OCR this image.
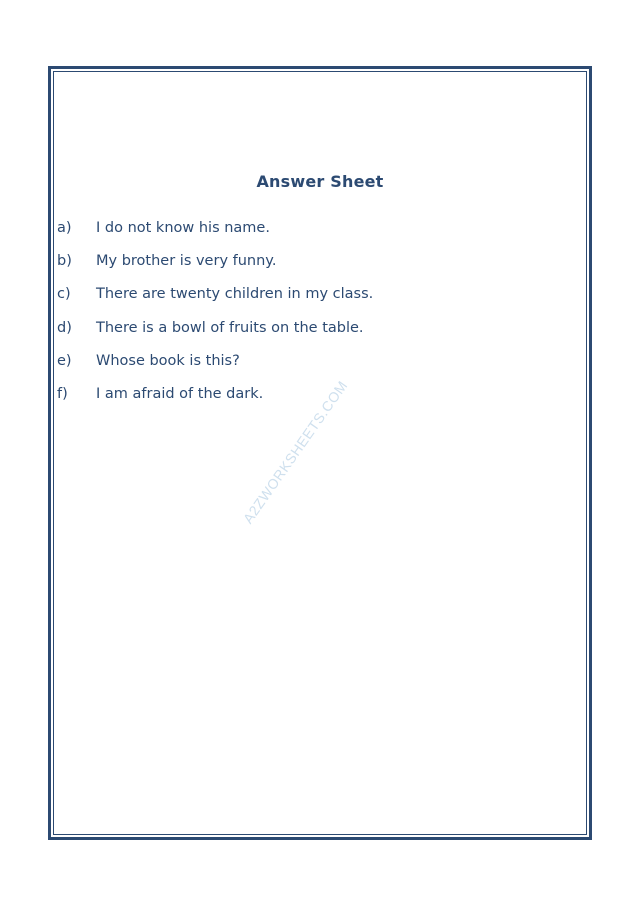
A2ZWORKSHEETS.COM
Answer Sheet
a) I do not know his name.
b) My brother is very funny.
c) There are twenty children in my class.
d) There is a bowl of fruits on the table.
e) Whose book is this?
f) I am afraid of the dark.
